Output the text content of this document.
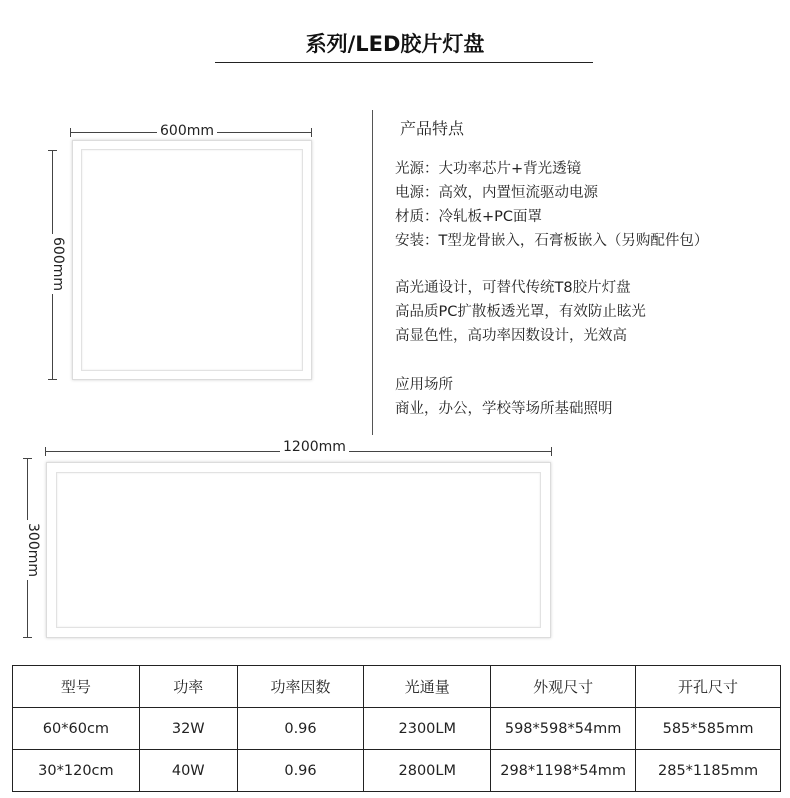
系列/LED胶片灯盘
600mm
600mm
产品特点
光源：大功率芯片+背光透镜
电源：高效，内置恒流驱动电源
材质：冷轧板+PC面罩
安装：T型龙骨嵌入，石膏板嵌入（另购配件包）
高光通设计，可替代传统T8胶片灯盘
高品质PC扩散板透光罩，有效防止眩光
高显色性，高功率因数设计，光效高
应用场所
商业，办公，学校等场所基础照明
1200mm
300mm
型号	功率	功率因数	光通量	外观尺寸	开孔尺寸
60*60cm	32W	0.96	2300LM	598*598*54mm	585*585mm
30*120cm	40W	0.96	2800LM	298*1198*54mm	285*1185mm
